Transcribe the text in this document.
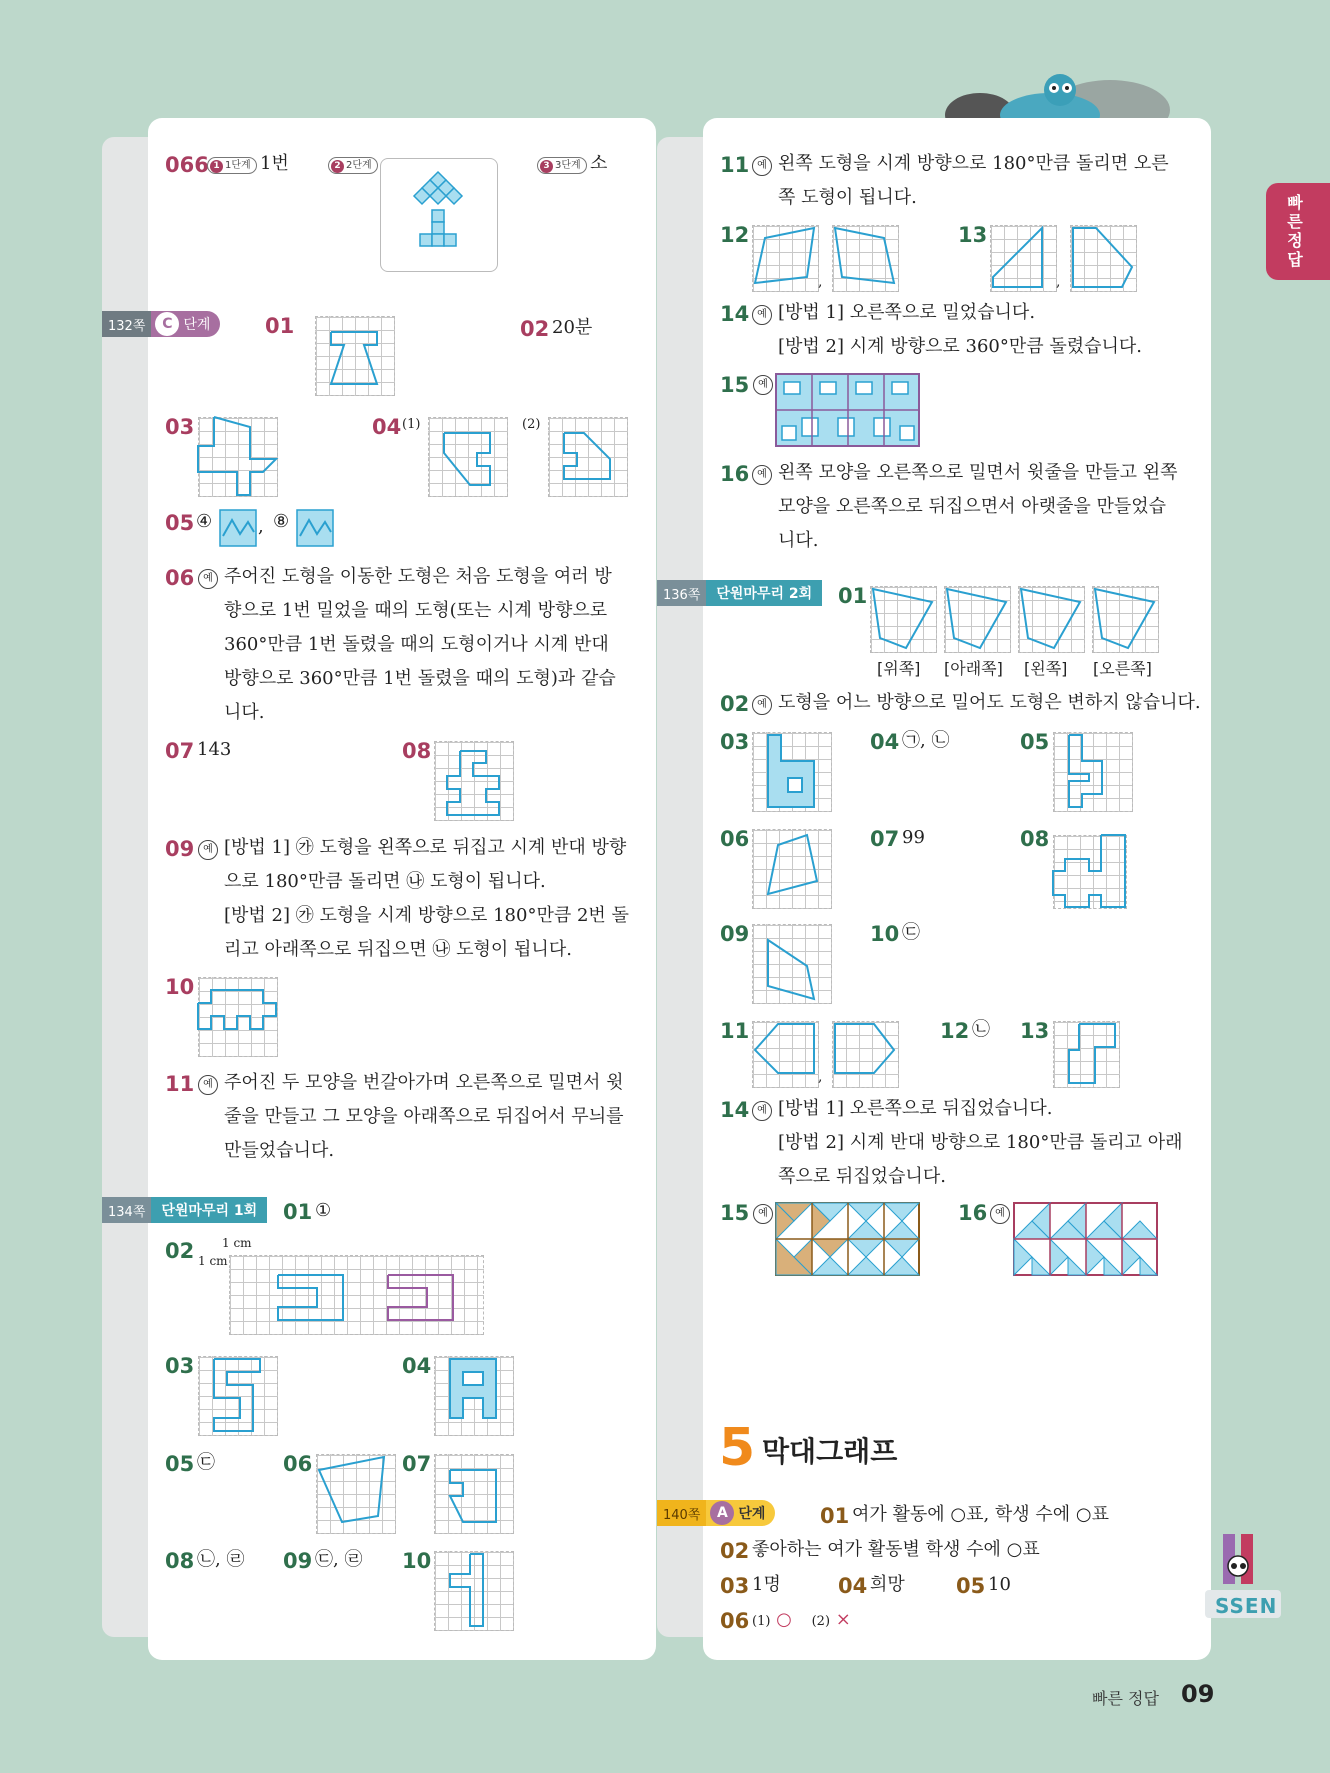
빠른정답
066 1 1단계 1번	2 2단계	3 3단계 소
132쪽	C 단계	01	02 20분
03	04 (1)	(2)
05 ④	, ⑧
06 예 주어진 도형을 이동한 도형은 처음 도형을 여러 방
향으로 1번 밀었을 때의 도형(또는 시계 방향으로
360°만큼 1번 돌렸을 때의 도형이거나 시계 반대
방향으로 360°만큼 1번 돌렸을 때의 도형)과 같습
니다.
07 143	08
09 예 [방법 1] ㉮ 도형을 왼쪽으로 뒤집고 시계 반대 방향
으로 180°만큼 돌리면 ㉯ 도형이 됩니다.
[방법 2] ㉮ 도형을 시계 방향으로 180°만큼 2번 돌
리고 아래쪽으로 뒤집으면 ㉯ 도형이 됩니다.
10
11 예 주어진 두 모양을 번갈아가며 오른쪽으로 밀면서 윗
줄을 만들고 그 모양을 아래쪽으로 뒤집어서 무늬를
만들었습니다.
134쪽	단원마무리 1회	01 ①
02 1 cm
1 cm
03	04
05 ㉢	06	07
08 ㉡, ㉣ 09 ㉢, ㉣ 10
11 예 왼쪽 도형을 시계 방향으로 180°만큼 돌리면 오른
쪽 도형이 됩니다.
12
,
13
,
14 예 [방법 1] 오른쪽으로 밀었습니다.
[방법 2] 시계 방향으로 360°만큼 돌렸습니다.
15 예
16 예 왼쪽 모양을 오른쪽으로 밀면서 윗줄을 만들고 왼쪽
모양을 오른쪽으로 뒤집으면서 아랫줄을 만들었습
니다.
136쪽	단원마무리 2회	01
[위쪽] [아래쪽] [왼쪽] [오른쪽]
02 예 도형을 어느 방향으로 밀어도 도형은 변하지 않습니다.
03	04 ㉠, ㉡	05
06	07 99	08
09	10 ㉢
11
,
12 ㉡ 13
14 예 [방법 1] 오른쪽으로 뒤집었습니다.
[방법 2] 시계 반대 방향으로 180°만큼 돌리고 아래
쪽으로 뒤집었습니다.
15 예	16 예
5 막대그래프
140쪽	A 단계	01 여가 활동에 ○표, 학생 수에 ○표
02 좋아하는 여가 활동별 학생 수에 ○표
03 1명	04 희망 05 10
06 (1) ○ (2) ×
SSEN
빠른 정답 09
